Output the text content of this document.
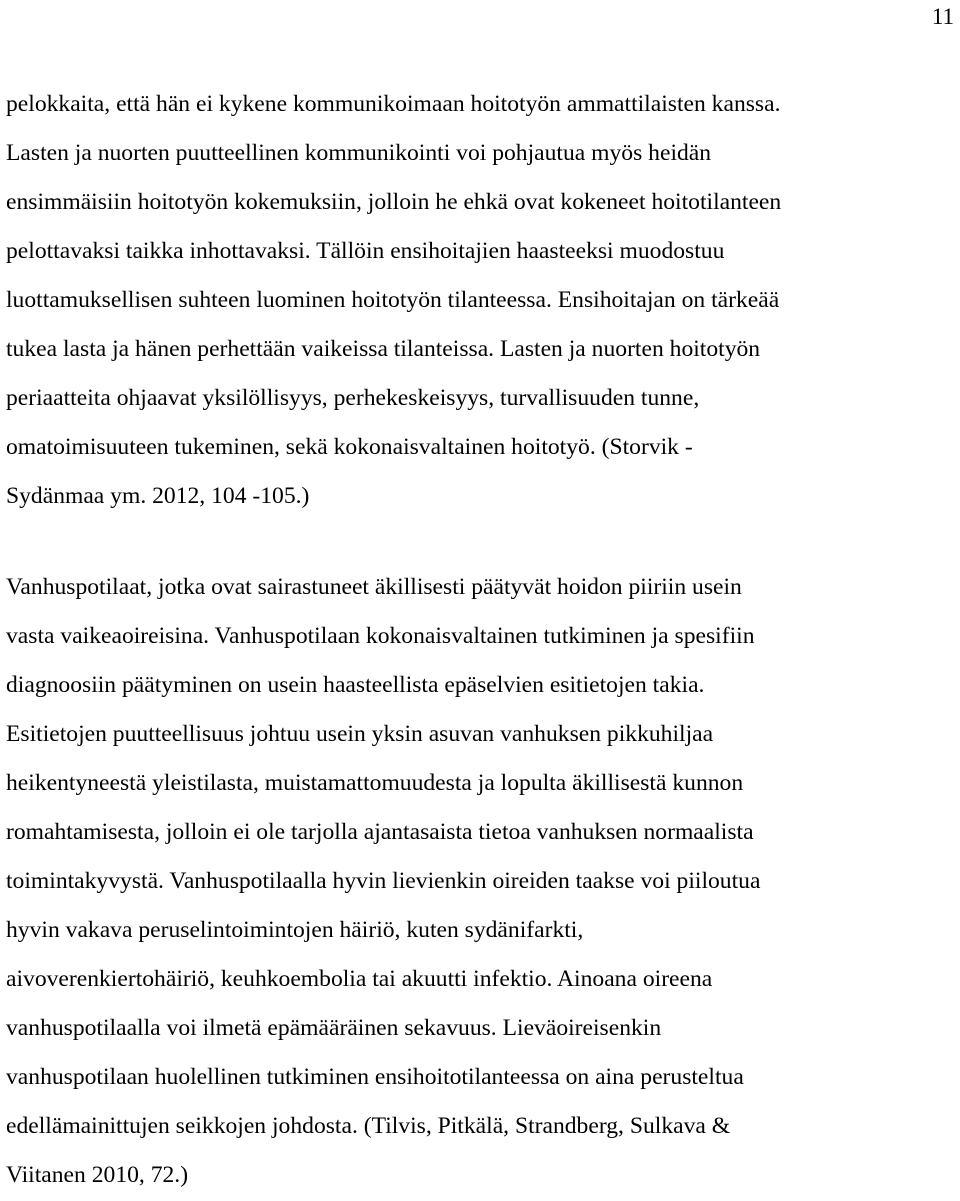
11

pelokkaita, että hän ei kykene kommunikoimaan hoitotyön ammattilaisten kanssa.
Lasten ja nuorten puutteellinen kommunikointi voi pohjautua myös heidän
ensimmäisiin hoitotyön kokemuksiin, jolloin he ehkä ovat kokeneet hoitotilanteen
pelottavaksi taikka inhottavaksi. Tällöin ensihoitajien haasteeksi muodostuu
luottamuksellisen suhteen luominen hoitotyön tilanteessa. Ensihoitajan on tärkeää
tukea lasta ja hänen perhettään vaikeissa tilanteissa. Lasten ja nuorten hoitotyön
periaatteita ohjaavat yksilöllisyys, perhekeskeisyys, turvallisuuden tunne,
omatoimisuuteen tukeminen, sekä kokonaisvaltainen hoitotyö. (Storvik -
Sydänmaa ym. 2012, 104 -105.)

Vanhuspotilaat, jotka ovat sairastuneet äkillisesti päätyvät hoidon piiriin usein
vasta vaikeaoireisina. Vanhuspotilaan kokonaisvaltainen tutkiminen ja spesifiin
diagnoosiin päätyminen on usein haasteellista epäselvien esitietojen takia.
Esitietojen puutteellisuus johtuu usein yksin asuvan vanhuksen pikkuhiljaa
heikentyneestä yleistilasta, muistamattomuudesta ja lopulta äkillisestä kunnon
romahtamisesta, jolloin ei ole tarjolla ajantasaista tietoa vanhuksen normaalista
toimintakyvystä. Vanhuspotilaalla hyvin lievienkin oireiden taakse voi piiloutua
hyvin vakava peruselintoimintojen häiriö, kuten sydänifarkti,
aivoverenkiertohäiriö, keuhkoembolia tai akuutti infektio. Ainoana oireena
vanhuspotilaalla voi ilmetä epämääräinen sekavuus. Lieväoireisenkin
vanhuspotilaan huolellinen tutkiminen ensihoitotilanteessa on aina perusteltua
edellämainittujen seikkojen johdosta. (Tilvis, Pitkälä, Strandberg, Sulkava &
Viitanen 2010, 72.)
